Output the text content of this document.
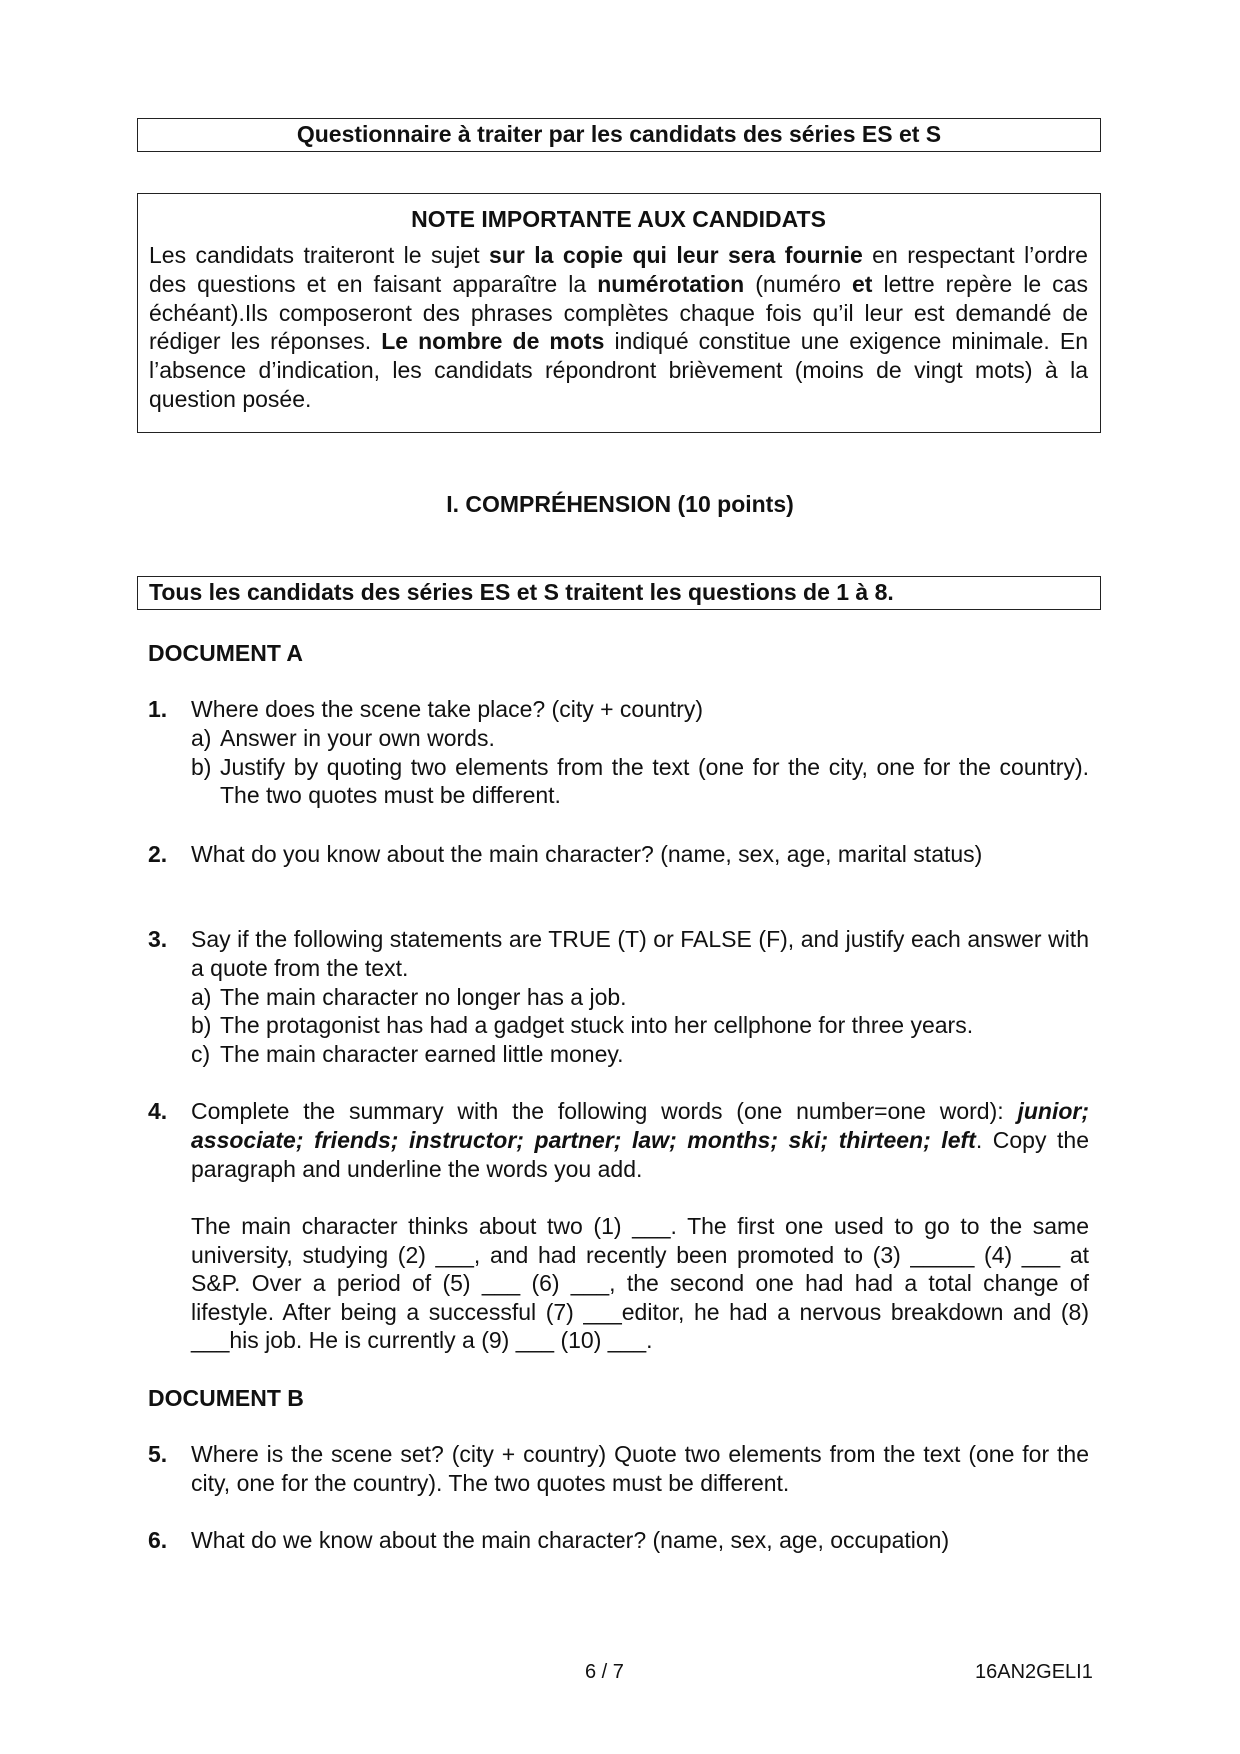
Questionnaire à traiter par les candidats des séries ES et S
NOTE IMPORTANTE AUX CANDIDATS
Les candidats traiteront le sujet sur la copie qui leur sera fournie en respectant l’ordre des questions et en faisant apparaître la numérotation (numéro et lettre repère le cas échéant).Ils composeront des phrases complètes chaque fois qu’il leur est demandé de rédiger les réponses. Le nombre de mots indiqué constitue une exigence minimale. En l’absence d’indication, les candidats répondront brièvement (moins de vingt mots) à la question posée.
I. COMPRÉHENSION (10 points)
Tous les candidats des séries ES et S traitent les questions de 1 à 8.
DOCUMENT A
1. Where does the scene take place? (city + country)
a) Answer in your own words.
b) Justify by quoting two elements from the text (one for the city, one for the country). The two quotes must be different.
2. What do you know about the main character? (name, sex, age, marital status)
3. Say if the following statements are TRUE (T) or FALSE (F), and justify each answer with a quote from the text.
a) The main character no longer has a job.
b) The protagonist has had a gadget stuck into her cellphone for three years.
c) The main character earned little money.
4. Complete the summary with the following words (one number=one word): junior; associate; friends; instructor; partner; law; months; ski; thirteen; left. Copy the paragraph and underline the words you add.
The main character thinks about two (1) ___. The first one used to go to the same university, studying (2) ___, and had recently been promoted to (3) _____ (4) ___ at S&P. Over a period of (5) ___ (6) ___, the second one had had a total change of lifestyle. After being a successful (7) ___editor, he had a nervous breakdown and (8) ___his job. He is currently a (9) ___ (10) ___.
DOCUMENT B
5. Where is the scene set? (city + country) Quote two elements from the text (one for the city, one for the country). The two quotes must be different.
6. What do we know about the main character? (name, sex, age, occupation)
6 / 7	16AN2GELI1
